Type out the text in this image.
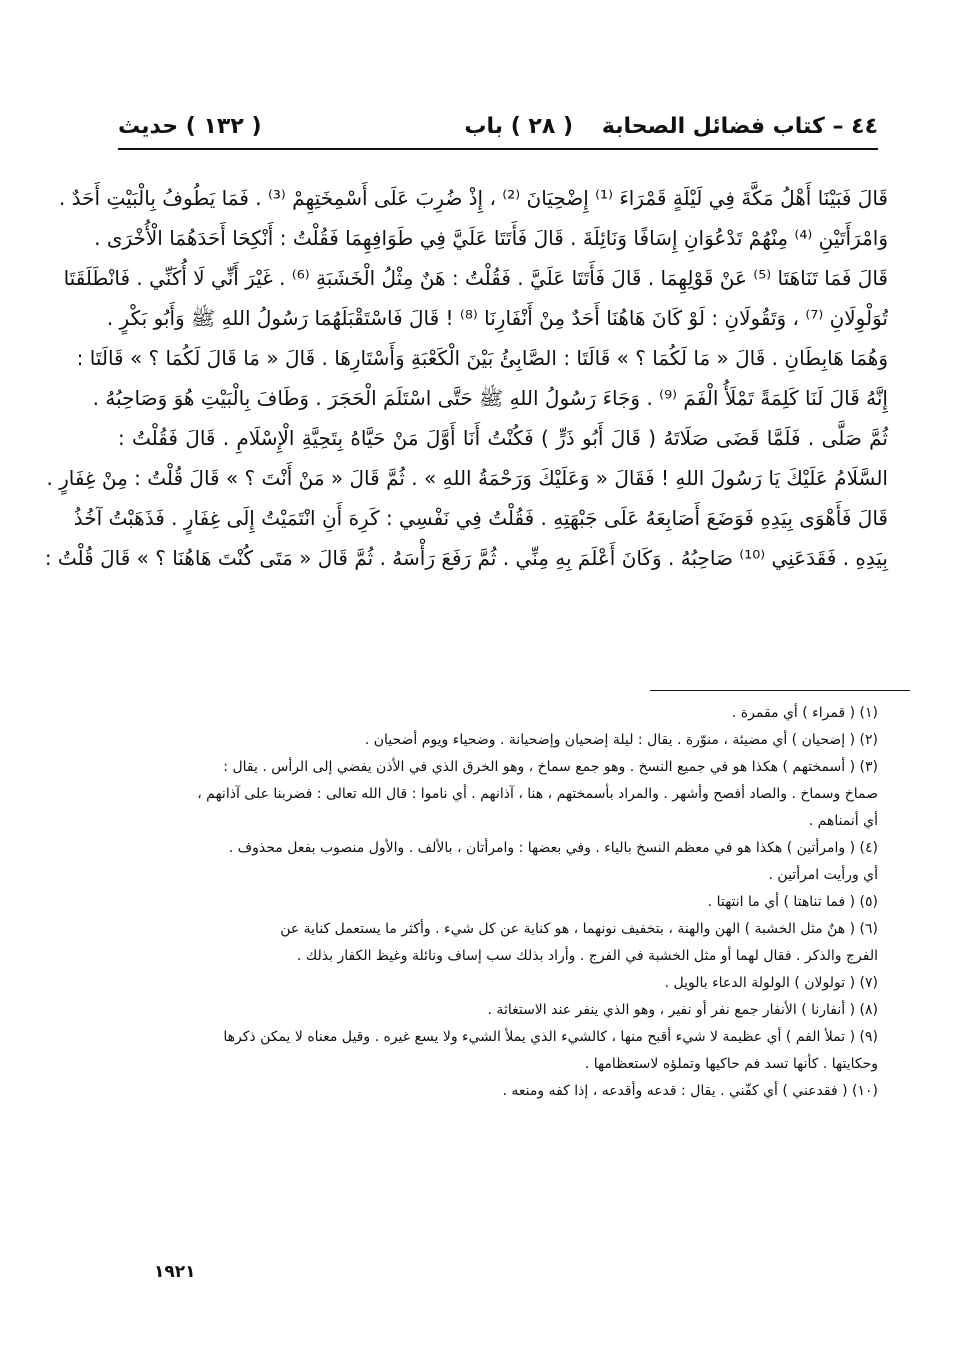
٤٤ – كتاب فضائل الصحابة
( ٢٨ ) باب
( ١٣٢ ) حديث
قَالَ فَبَيْنَا أَهْلُ مَكَّةَ فِي لَيْلَةٍ قَمْرَاءَ ⁽¹⁾ إِضْحِيَانَ ⁽²⁾ ، إِذْ ضُرِبَ عَلَى أَسْمِخَتِهِمْ ⁽³⁾ . فَمَا يَطُوفُ بِالْبَيْتِ أَحَدٌ .
وَامْرَأَتَيْنِ ⁽⁴⁾ مِنْهُمْ تَدْعُوَانِ إِسَافًا وَنَائِلَةَ . قَالَ فَأَتَتَا عَلَيَّ فِي طَوَافِهِمَا فَقُلْتُ : أَنْكِحَا أَحَدَهُمَا الْأُخْرَى .
قَالَ فَمَا تَنَاهَتَا ⁽⁵⁾ عَنْ قَوْلِهِمَا . قَالَ فَأَتَتَا عَلَيَّ . فَقُلْتُ : هَنٌ مِثْلُ الْخَشَبَةِ ⁽⁶⁾ . غَيْرَ أَنِّي لَا أُكَنِّي . فَانْطَلَقَتَا
تُوَلْوِلَانِ ⁽⁷⁾ ، وَتَقُولَانِ : لَوْ كَانَ هَاهُنَا أَحَدٌ مِنْ أَنْفَارِنَا ⁽⁸⁾ ! قَالَ فَاسْتَقْبَلَهُمَا رَسُولُ اللهِ ﷺ وَأَبُو بَكْرٍ .
وَهُمَا هَابِطَانِ . قَالَ « مَا لَكُمَا ؟ » قَالَتَا : الصَّابِئُ بَيْنَ الْكَعْبَةِ وَأَسْتَارِهَا . قَالَ « مَا قَالَ لَكُمَا ؟ » قَالَتَا :
إِنَّهُ قَالَ لَنَا كَلِمَةً تَمْلَأُ الْفَمَ ⁽⁹⁾ . وَجَاءَ رَسُولُ اللهِ ﷺ حَتَّى اسْتَلَمَ الْحَجَرَ . وَطَافَ بِالْبَيْتِ هُوَ وَصَاحِبُهُ .
ثُمَّ صَلَّى . فَلَمَّا قَضَى صَلَاتَهُ ( قَالَ أَبُو ذَرٍّ ) فَكُنْتُ أَنَا أَوَّلَ مَنْ حَيَّاهُ بِتَحِيَّةِ الْإِسْلَامِ . قَالَ فَقُلْتُ :
السَّلَامُ عَلَيْكَ يَا رَسُولَ اللهِ ! فَقَالَ « وَعَلَيْكَ وَرَحْمَةُ اللهِ » . ثُمَّ قَالَ « مَنْ أَنْتَ ؟ » قَالَ قُلْتُ : مِنْ غِفَارٍ .
قَالَ فَأَهْوَى بِيَدِهِ فَوَضَعَ أَصَابِعَهُ عَلَى جَبْهَتِهِ . فَقُلْتُ فِي نَفْسِي : كَرِهَ أَنِ انْتَمَيْتُ إِلَى غِفَارٍ . فَذَهَبْتُ آخُذُ
بِيَدِهِ . فَقَدَعَنِي ⁽¹⁰⁾ صَاحِبُهُ . وَكَانَ أَعْلَمَ بِهِ مِنِّي . ثُمَّ رَفَعَ رَأْسَهُ . ثُمَّ قَالَ « مَتَى كُنْتَ هَاهُنَا ؟ » قَالَ قُلْتُ :
(١) ( قمراء ) أي مقمرة .
(٢) ( إضحيان ) أي مضيئة ، منوّرة . يقال : ليلة إضحيان وإضحيانة . وضحياء ويوم أضحيان .
(٣) ( أسمختهم ) هكذا هو في جميع النسخ . وهو جمع سماخ ، وهو الخرق الذي في الأذن يفضي إلى الرأس . يقال :
صماخ وسماخ . والصاد أفصح وأشهر . والمراد بأسمختهم ، هنا ، آذانهم . أي ناموا : قال الله تعالى : فضربنا على آذانهم ،
أي أنمناهم .
(٤) ( وامرأتين ) هكذا هو في معظم النسخ بالياء . وفي بعضها : وامرأتان ، بالألف . والأول منصوب بفعل محذوف .
أي ورأيت امرأتين .
(٥) ( فما تناهتا ) أي ما انتهتا .
(٦) ( هنٌ مثل الخشبة ) الهن والهنة ، بتخفيف نونهما ، هو كناية عن كل شيء . وأكثر ما يستعمل كناية عن
الفرج والذكر . فقال لهما أو مثل الخشبة في الفرج . وأراد بذلك سب إساف ونائلة وغيظ الكفار بذلك .
(٧) ( تولولان ) الولولة الدعاء بالويل .
(٨) ( أنفارنا ) الأنفار جمع نفر أو نفير ، وهو الذي ينفر عند الاستغاثة .
(٩) ( تملأ الفم ) أي عظيمة لا شيء أقبح منها ، كالشيء الذي يملأ الشيء ولا يسع غيره . وقيل معناه لا يمكن ذكرها
وحكايتها . كأنها تسد فم حاكيها وتملؤه لاستعظامها .
(١٠) ( فقدعني ) أي كفّني . يقال : قدعه وأقدعه ، إذا كفه ومنعه .
١٩٢١
